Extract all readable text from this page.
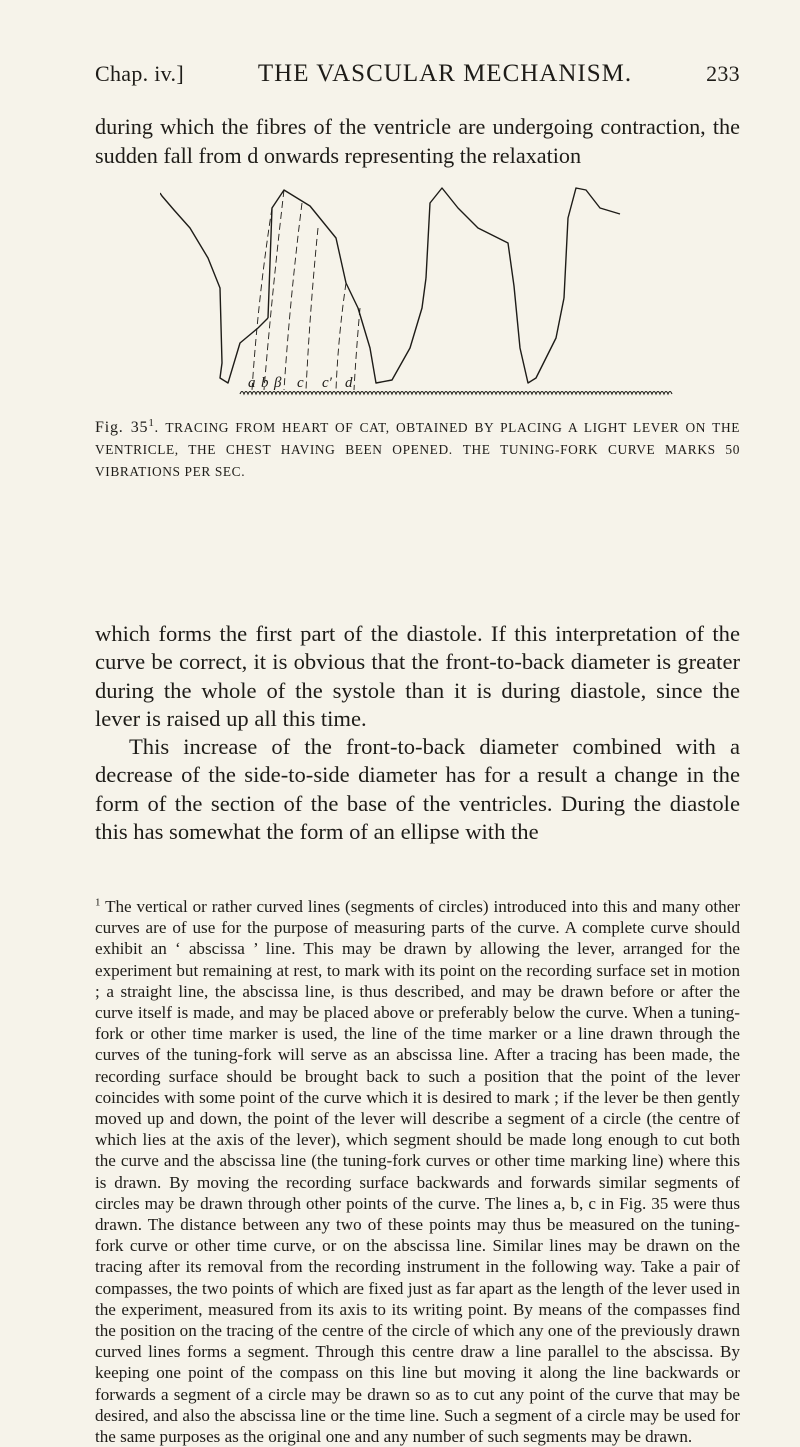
Chap. iv.]	THE VASCULAR MECHANISM.	233

during which the fibres of the ventricle are undergoing contraction, the sudden fall from d onwards representing the relaxation

a b β c c′ d
Fig. 35$^1$. TRACING FROM HEART OF CAT, OBTAINED BY PLACING A LIGHT LEVER ON THE VENTRICLE, THE CHEST HAVING BEEN OPENED. THE TUNING-FORK CURVE MARKS 50 VIBRATIONS PER SEC.
which forms the first part of the diastole. If this interpretation of the curve be correct, it is obvious that the front-to-back diameter is greater during the whole of the systole than it is during diastole, since the lever is raised up all this time.
This increase of the front-to-back diameter combined with a decrease of the side-to-side diameter has for a result a change in the form of the section of the base of the ventricles. During the diastole this has somewhat the form of an ellipse with the
$^1$ The vertical or rather curved lines (segments of circles) introduced into this and many other curves are of use for the purpose of measuring parts of the curve. A complete curve should exhibit an ‘ abscissa ’ line. This may be drawn by allowing the lever, arranged for the experiment but remaining at rest, to mark with its point on the recording surface set in motion ; a straight line, the abscissa line, is thus described, and may be drawn before or after the curve itself is made, and may be placed above or preferably below the curve. When a tuning-fork or other time marker is used, the line of the time marker or a line drawn through the curves of the tuning-fork will serve as an abscissa line. After a tracing has been made, the recording surface should be brought back to such a position that the point of the lever coincides with some point of the curve which it is desired to mark ; if the lever be then gently moved up and down, the point of the lever will describe a segment of a circle (the centre of which lies at the axis of the lever), which segment should be made long enough to cut both the curve and the abscissa line (the tuning-fork curves or other time marking line) where this is drawn. By moving the recording surface backwards and forwards similar segments of circles may be drawn through other points of the curve. The lines a, b, c in Fig. 35 were thus drawn. The distance between any two of these points may thus be measured on the tuning-fork curve or other time curve, or on the abscissa line. Similar lines may be drawn on the tracing after its removal from the recording instrument in the following way. Take a pair of compasses, the two points of which are fixed just as far apart as the length of the lever used in the experiment, measured from its axis to its writing point. By means of the compasses find the position on the tracing of the centre of the circle of which any one of the previously drawn curved lines forms a segment. Through this centre draw a line parallel to the abscissa. By keeping one point of the compass on this line but moving it along the line backwards or forwards a segment of a circle may be drawn so as to cut any point of the curve that may be desired, and also the abscissa line or the time line. Such a segment of a circle may be used for the same purposes as the original one and any number of such segments may be drawn.
